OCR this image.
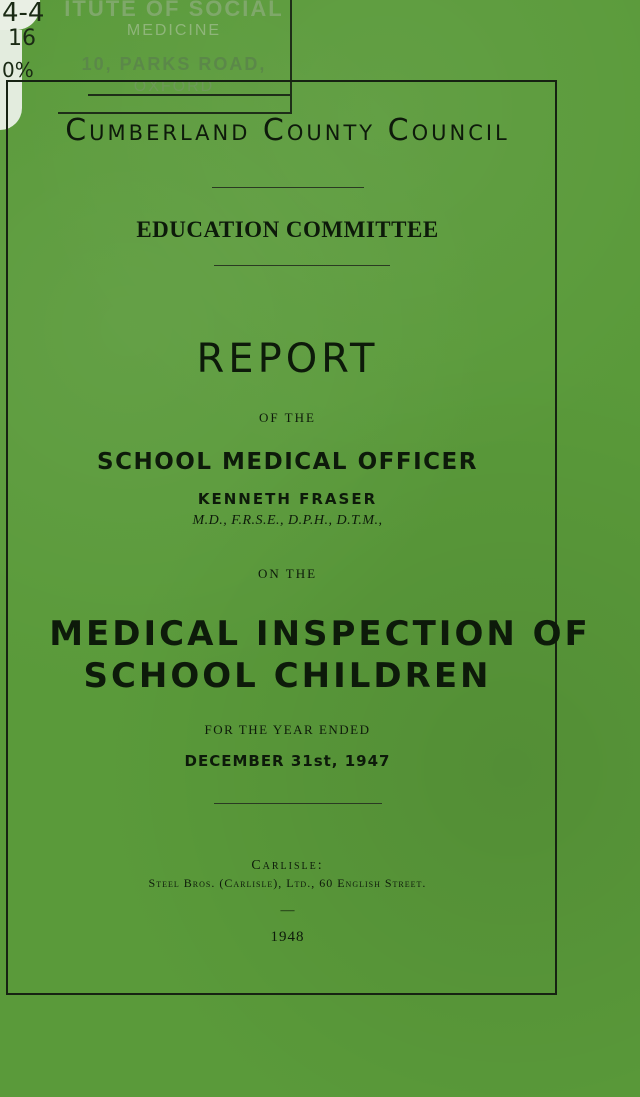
4-4
16
0%
ITUTE OF SOCIAL
MEDICINE
10, PARKS ROAD,
OXFORD
Cumberland County Council
EDUCATION COMMITTEE
REPORT
OF THE
SCHOOL MEDICAL OFFICER
KENNETH FRASER
M.D., F.R.S.E., D.P.H., D.T.M.,
ON THE
MEDICAL INSPECTION OF
SCHOOL CHILDREN
FOR THE YEAR ENDED
DECEMBER 31st, 1947
Carlisle:
Steel Bros. (Carlisle), Ltd., 60 English Street.
—
1948
